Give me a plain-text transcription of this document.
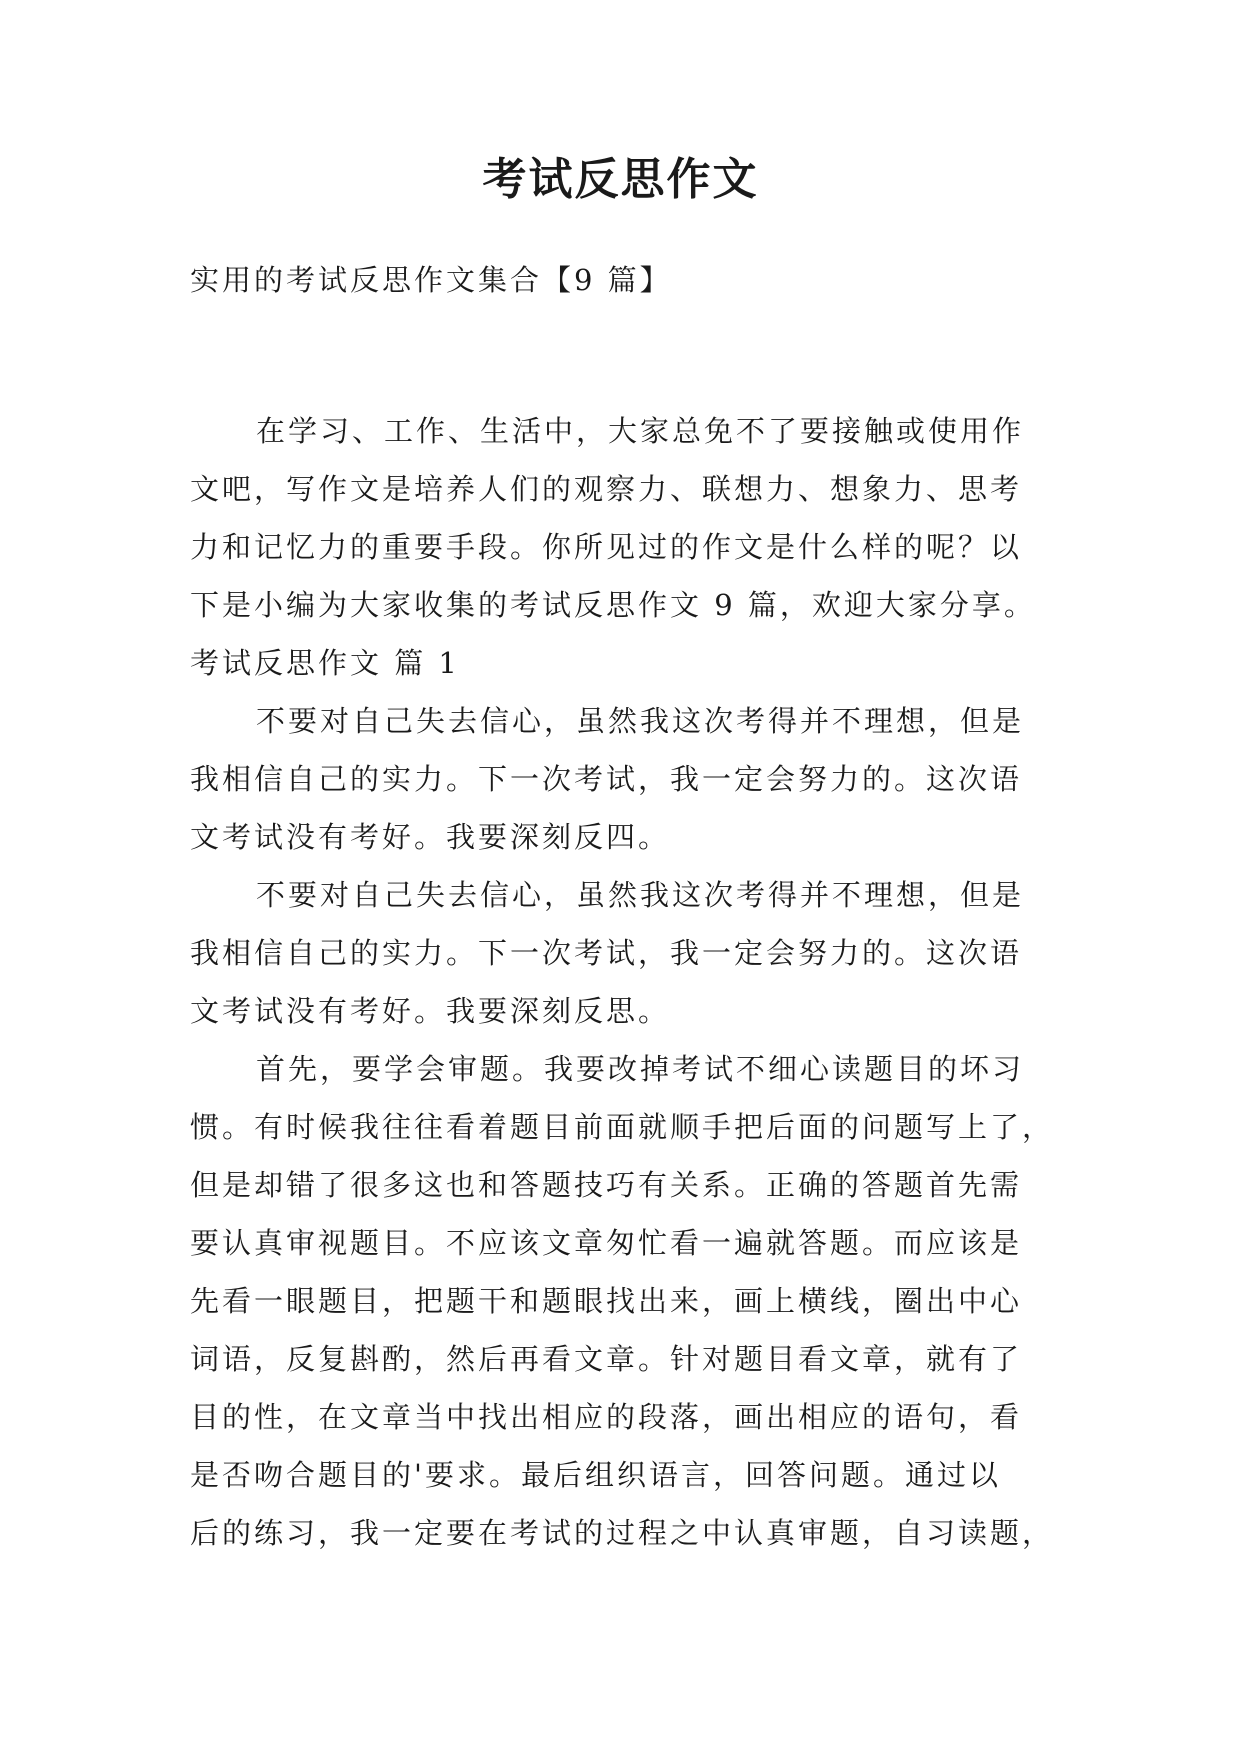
考试反思作文
实用的考试反思作文集合【9 篇】
在学习、工作、生活中，大家总免不了要接触或使用作
文吧，写作文是培养人们的观察力、联想力、想象力、思考
力和记忆力的重要手段。你所见过的作文是什么样的呢？以
下是小编为大家收集的考试反思作文 9 篇，欢迎大家分享。
考试反思作文 篇 1
不要对自己失去信心，虽然我这次考得并不理想，但是
我相信自己的实力。下一次考试，我一定会努力的。这次语
文考试没有考好。我要深刻反四。
不要对自己失去信心，虽然我这次考得并不理想，但是
我相信自己的实力。下一次考试，我一定会努力的。这次语
文考试没有考好。我要深刻反思。
首先，要学会审题。我要改掉考试不细心读题目的坏习
惯。有时候我往往看着题目前面就顺手把后面的问题写上了，
但是却错了很多这也和答题技巧有关系。正确的答题首先需
要认真审视题目。不应该文章匆忙看一遍就答题。而应该是
先看一眼题目，把题干和题眼找出来，画上横线，圈出中心
词语，反复斟酌，然后再看文章。针对题目看文章，就有了
目的性，在文章当中找出相应的段落，画出相应的语句，看
是否吻合题目的'要求。最后组织语言，回答问题。通过以
后的练习，我一定要在考试的过程之中认真审题，自习读题，
